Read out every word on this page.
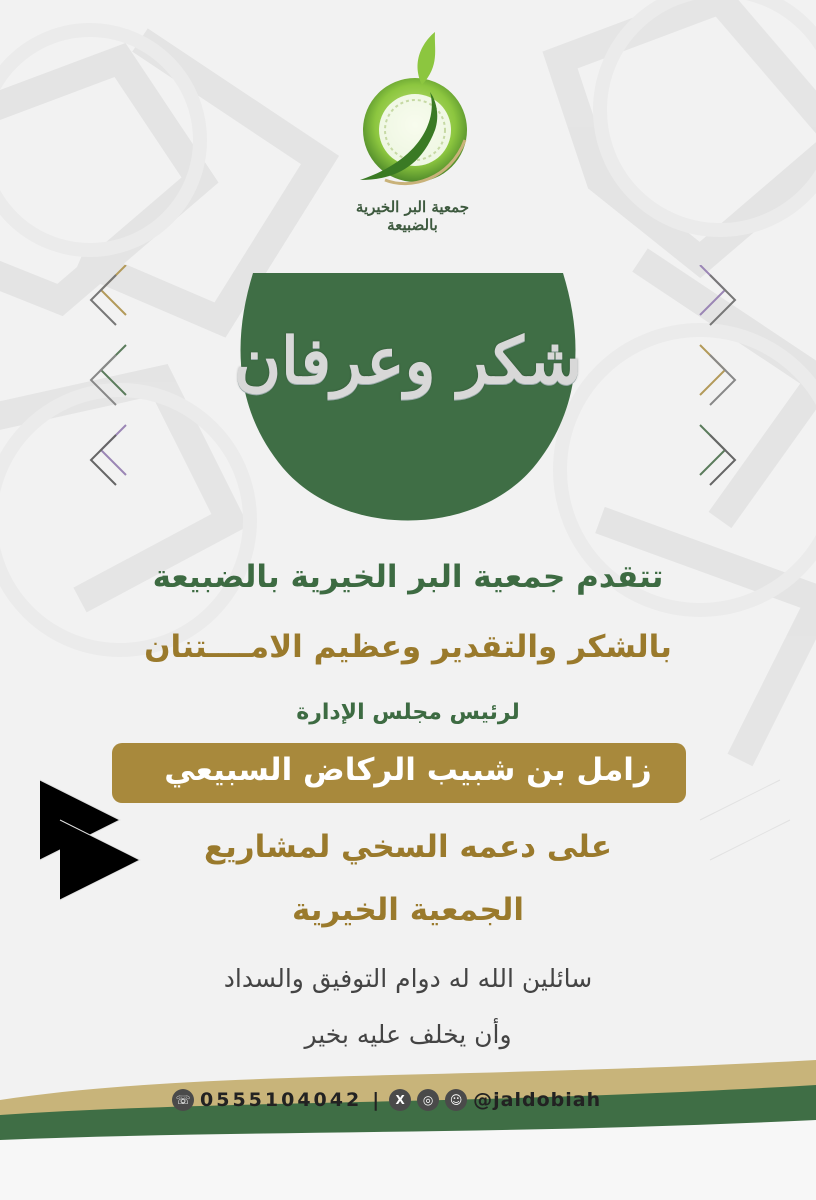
جمعية البر الخيرية بالضبيعة
شكر وعرفان
تتقدم جمعية البر الخيرية بالضبيعة
بالشكر والتقدير وعظيم الامــــتنان
لرئيس مجلس الإدارة
زامل بن شبيب الركاض السبيعي
على دعمه السخي لمشاريع
الجمعية الخيرية
سائلين الله له دوام التوفيق والسداد
وأن يخلف عليه بخير
☏ 0555104042 |	X	◎	☺ @jaldobiah
